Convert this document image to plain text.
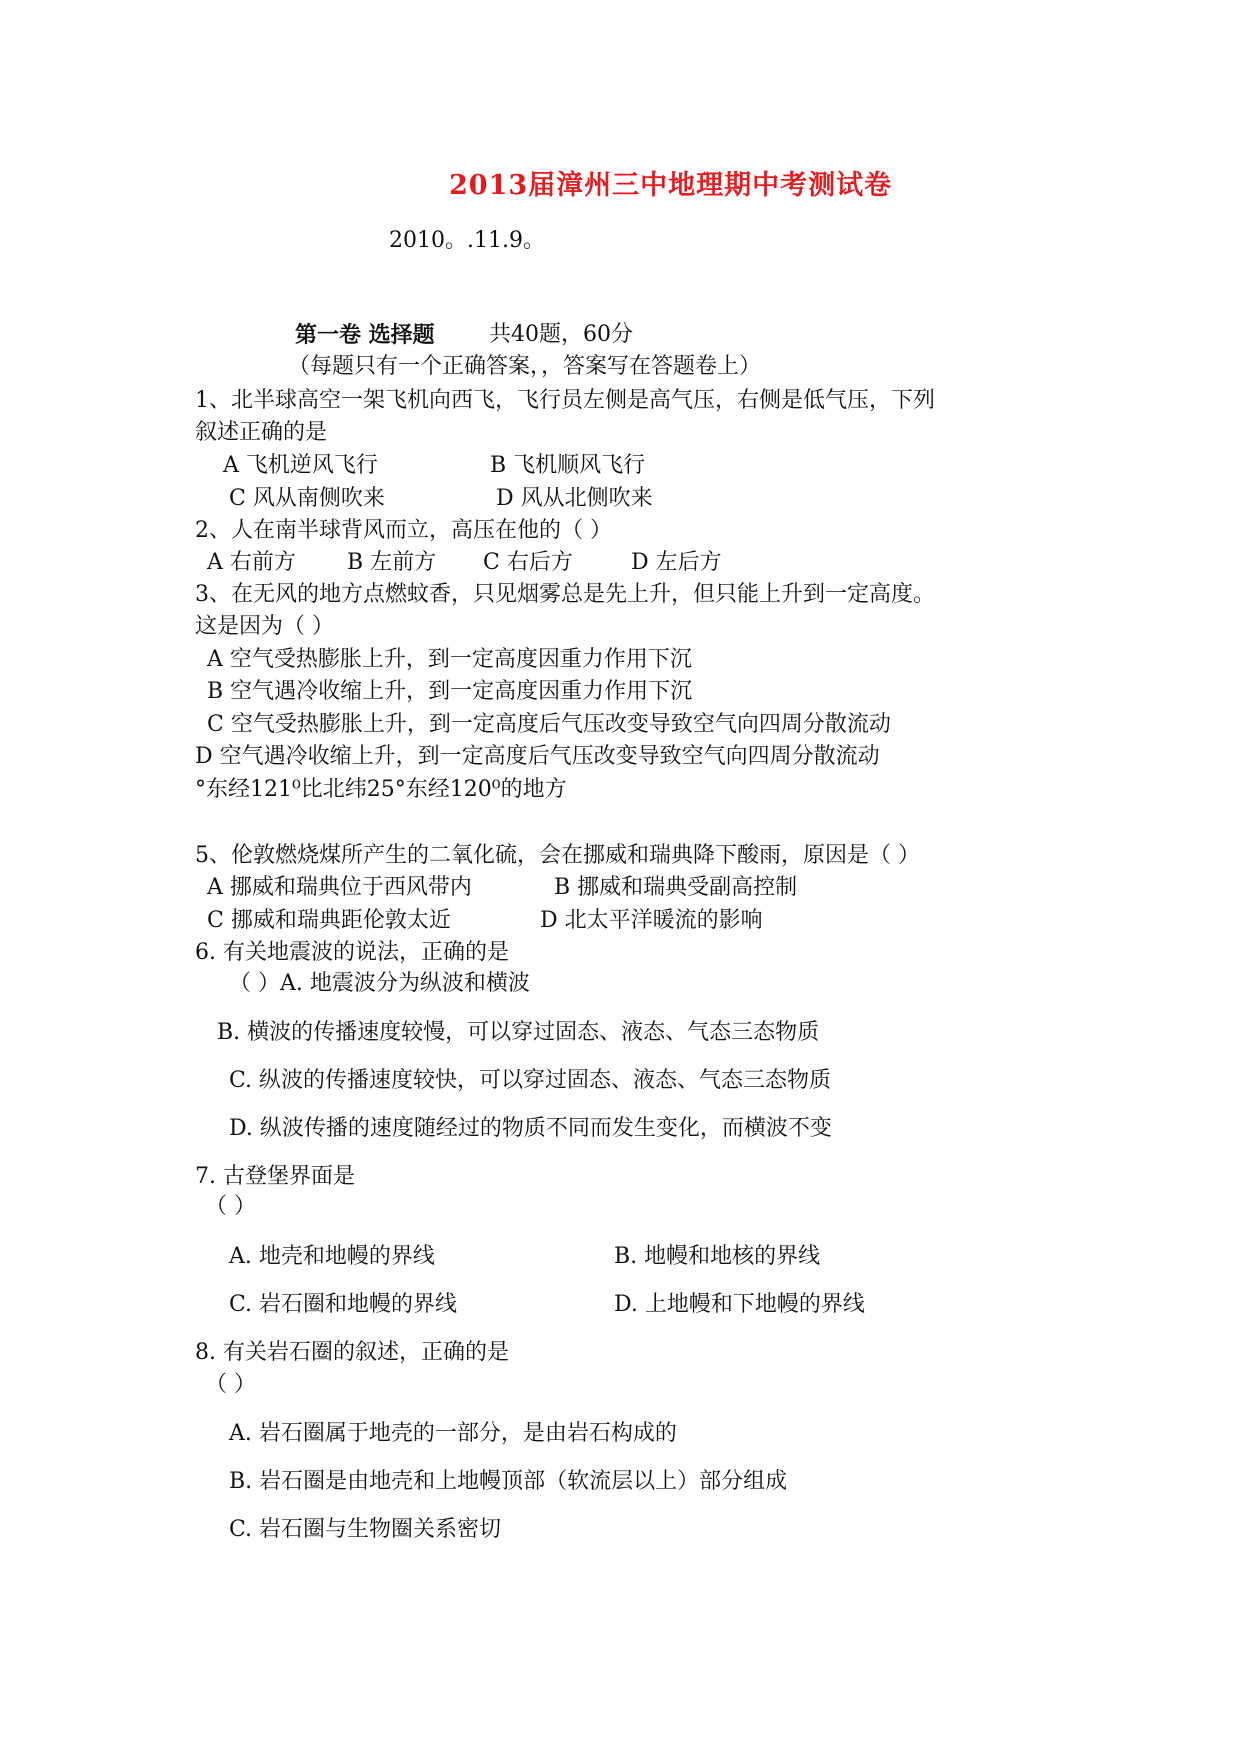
2013届漳州三中地理期中考测试卷
2010。.11.9。
第一卷 选择题 共40题，60分
（每题只有一个正确答案，，答案写在答题卷上）
1、北半球高空一架飞机向西飞，飞行员左侧是高气压，右侧是低气压，下列
叙述正确的是
A 飞机逆风飞行	B 飞机顺风飞行
C 风从南侧吹来	D 风从北侧吹来
2、人在南半球背风而立，高压在他的（ ）
A 右前方 B 左前方 C 右后方	D 左后方
3、在无风的地方点燃蚊香，只见烟雾总是先上升，但只能上升到一定高度。
这是因为（ ）
A 空气受热膨胀上升，到一定高度因重力作用下沉
B 空气遇冷收缩上升，到一定高度因重力作用下沉
C 空气受热膨胀上升，到一定高度后气压改变导致空气向四周分散流动
D 空气遇冷收缩上升，到一定高度后气压改变导致空气向四周分散流动
°东经121⁰比北纬25°东经120⁰的地方
5、伦敦燃烧煤所产生的二氧化硫，会在挪威和瑞典降下酸雨，原因是（ ）
A 挪威和瑞典位于西风带内	B 挪威和瑞典受副高控制
C 挪威和瑞典距伦敦太近	D 北太平洋暖流的影响
6. 有关地震波的说法，正确的是
（ ）A. 地震波分为纵波和横波
B. 横波的传播速度较慢，可以穿过固态、液态、气态三态物质
C. 纵波的传播速度较快，可以穿过固态、液态、气态三态物质
D. 纵波传播的速度随经过的物质不同而发生变化，而横波不变
7. 古登堡界面是
（ ）
A. 地壳和地幔的界线	B. 地幔和地核的界线
C. 岩石圈和地幔的界线	D. 上地幔和下地幔的界线
8. 有关岩石圈的叙述，正确的是
（ ）
A. 岩石圈属于地壳的一部分，是由岩石构成的
B. 岩石圈是由地壳和上地幔顶部（软流层以上）部分组成
C. 岩石圈与生物圈关系密切
